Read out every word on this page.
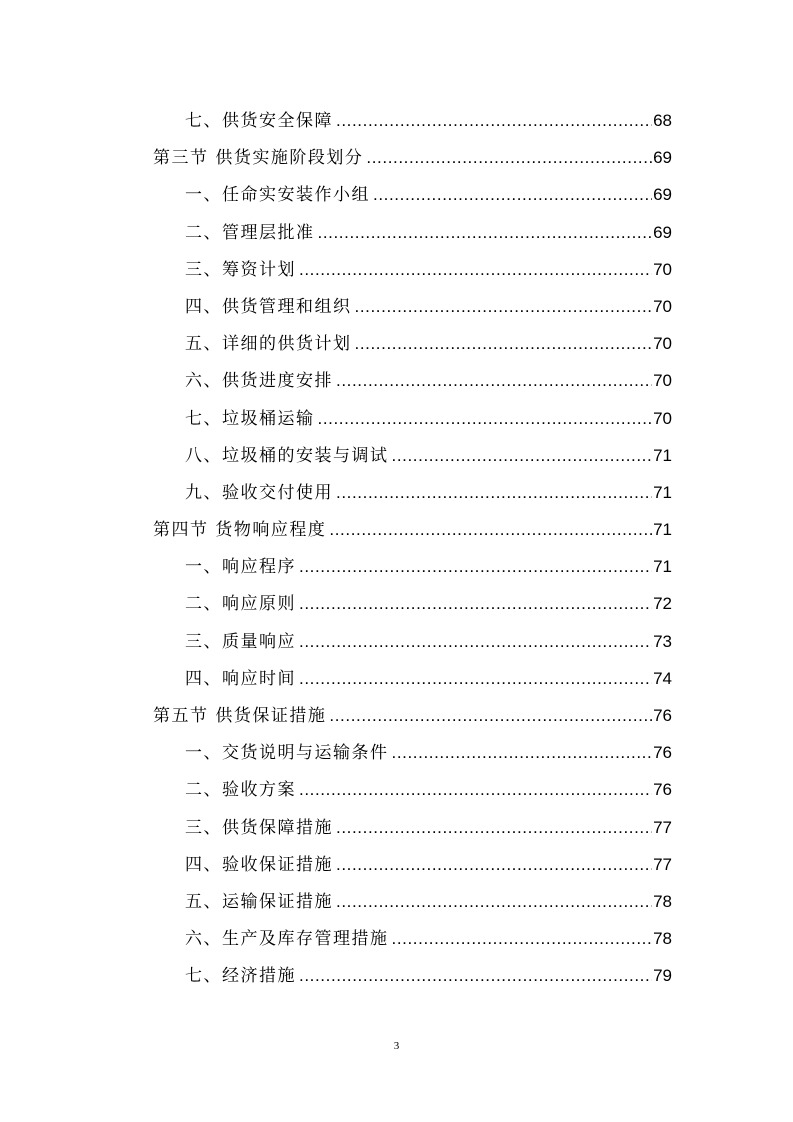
七、供货安全保障 .....	68
第三节 供货实施阶段划分 .....	69
一、任命实安装作小组 .....	69
二、管理层批准 .....	69
三、筹资计划 .....	70
四、供货管理和组织 .....	70
五、详细的供货计划 .....	70
六、供货进度安排 .....	70
七、垃圾桶运输 .....	70
八、垃圾桶的安装与调试 .....	71
九、验收交付使用 .....	71
第四节 货物响应程度 .....	71
一、响应程序 .....	71
二、响应原则 .....	72
三、质量响应 .....	73
四、响应时间 .....	74
第五节 供货保证措施 .....	76
一、交货说明与运输条件 .....	76
二、验收方案 .....	76
三、供货保障措施 .....	77
四、验收保证措施 .....	77
五、运输保证措施 .....	78
六、生产及库存管理措施 .....	78
七、经济措施 .....	79
3
